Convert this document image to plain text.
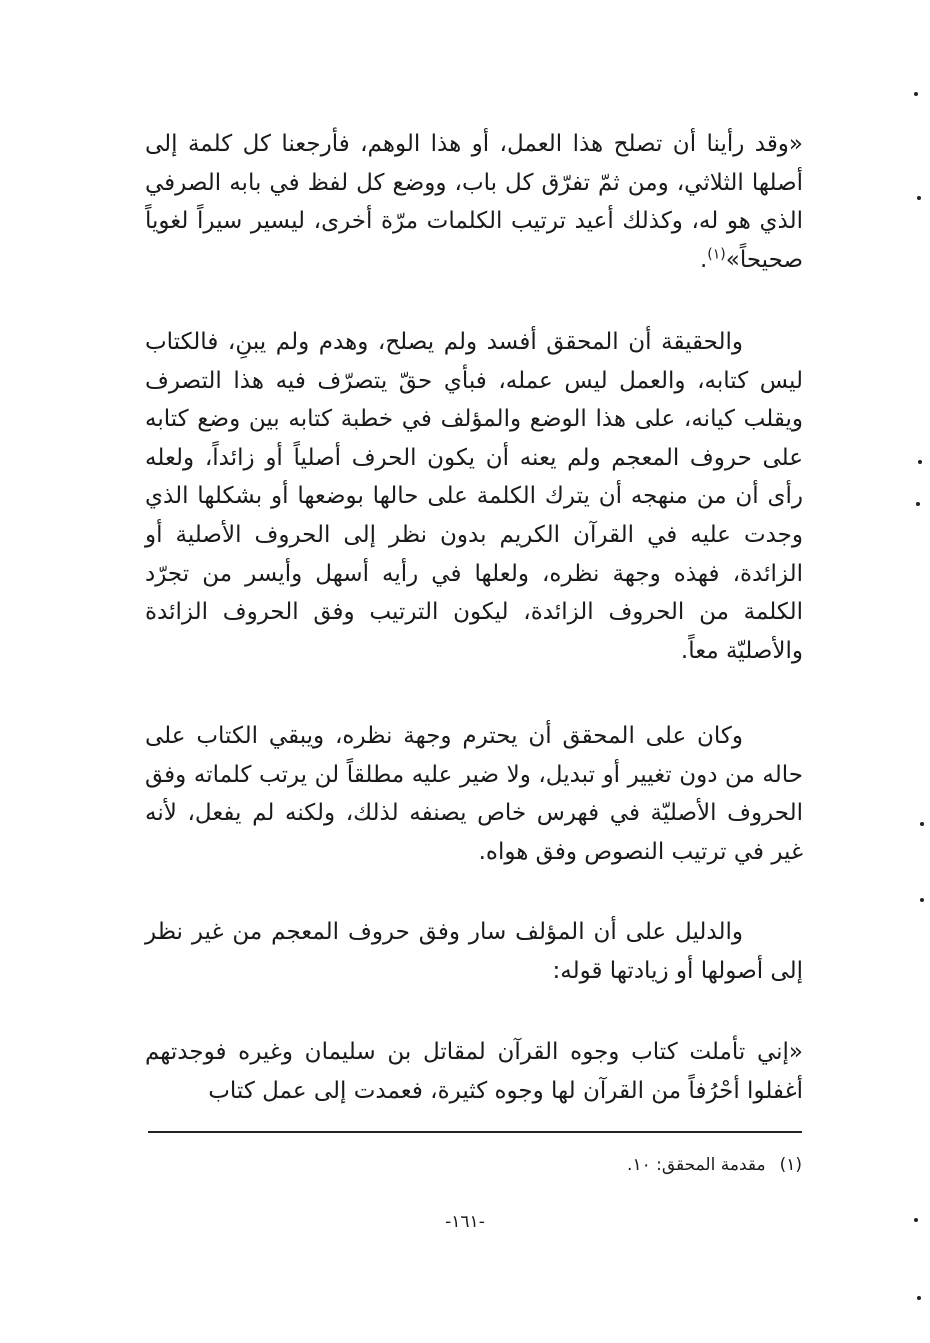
«وقد رأينا أن تصلح هذا العمل، أو هذا الوهم، فأرجعنا كل كلمة إلى أصلها الثلاثي، ومن ثمّ تفرّق كل باب، ووضع كل لفظ في بابه الصرفي الذي هو له، وكذلك أعيد ترتيب الكلمات مرّة أخرى، ليسير سيراً لغوياً صحيحاً»$^{(١)}$.

والحقيقة أن المحقق أفسد ولم يصلح، وهدم ولم يبنِ، فالكتاب ليس كتابه، والعمل ليس عمله، فبأي حقّ يتصرّف فيه هذا التصرف ويقلب كيانه، على هذا الوضع والمؤلف في خطبة كتابه بين وضع كتابه على حروف المعجم ولم يعنه أن يكون الحرف أصلياً أو زائداً، ولعله رأى أن من منهجه أن يترك الكلمة على حالها بوضعها أو بشكلها الذي وجدت عليه في القرآن الكريم بدون نظر إلى الحروف الأصلية أو الزائدة، فهذه وجهة نظره، ولعلها في رأيه أسهل وأيسر من تجرّد الكلمة من الحروف الزائدة، ليكون الترتيب وفق الحروف الزائدة والأصليّة معاً.

وكان على المحقق أن يحترم وجهة نظره، ويبقي الكتاب على حاله من دون تغيير أو تبديل، ولا ضير عليه مطلقاً لن يرتب كلماته وفق الحروف الأصليّة في فهرس خاص يصنفه لذلك، ولكنه لم يفعل، لأنه غير في ترتيب النصوص وفق هواه.

والدليل على أن المؤلف سار وفق حروف المعجم من غير نظر إلى أصولها أو زيادتها قوله:

«إني تأملت كتاب وجوه القرآن لمقاتل بن سليمان وغيره فوجدتهم أغفلوا أحْرُفاً من القرآن لها وجوه كثيرة، فعمدت إلى عمل كتاب

(١)مقدمة المحقق: ١٠.

-١٦١-
